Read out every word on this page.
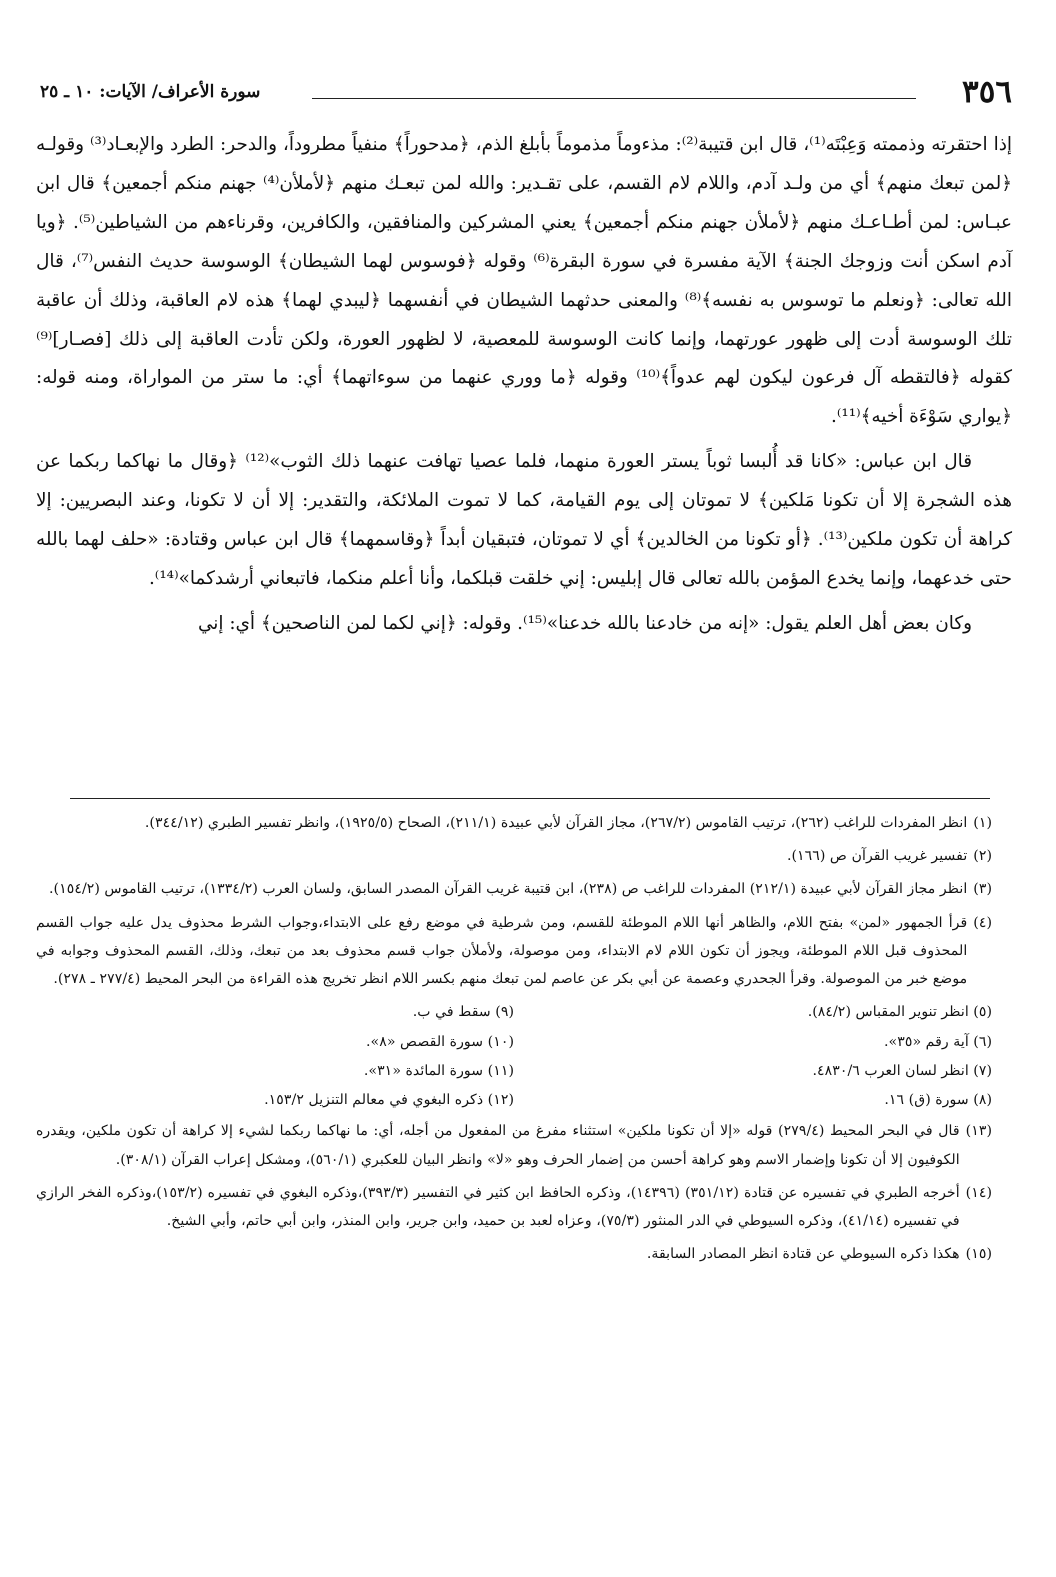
٣٥٦
سورة الأعراف/ الآيات: ١٠ ـ ٢٥

إذا احتقرته وذممته وَعِبْتَه⁽¹⁾، قال ابن قتيبة⁽²⁾: مذءوماً مذموماً بأبلغ الذم، ﴿مدحوراً﴾ منفياً مطروداً، والدحر: الطرد والإبعـاد⁽³⁾ وقولـه ﴿لمن تبعك منهم﴾ أي من ولـد آدم، واللام لام القسم، على تقـدير: والله لمن تبعـك منهم ﴿لأملأن⁽⁴⁾ جهنم منكم أجمعين﴾ قال ابن عبـاس: لمن أطـاعـك منهم ﴿لأملأن جهنم منكم أجمعين﴾ يعني المشركين والمنافقين، والكافرين، وقرناءهم من الشياطين⁽⁵⁾. ﴿ويا آدم اسكن أنت وزوجك الجنة﴾ الآية مفسرة في سورة البقرة⁽⁶⁾ وقوله ﴿فوسوس لهما الشيطان﴾ الوسوسة حديث النفس⁽⁷⁾، قال الله تعالى: ﴿ونعلم ما توسوس به نفسه﴾⁽⁸⁾ والمعنى حدثهما الشيطان في أنفسهما ﴿ليبدي لهما﴾ هذه لام العاقبة، وذلك أن عاقبة تلك الوسوسة أدت إلى ظهور عورتهما، وإنما كانت الوسوسة للمعصية، لا لظهور العورة، ولكن تأدت العاقبة إلى ذلك [فصـار]⁽⁹⁾ كقوله ﴿فالتقطه آل فرعون ليكون لهم عدواً﴾⁽¹⁰⁾ وقوله ﴿ما ووري عنهما من سوءاتهما﴾ أي: ما ستر من المواراة، ومنه قوله: ﴿يواري سَوْءَة أخيه﴾⁽¹¹⁾.

قال ابن عباس: «كانا قد أُلبسا ثوباً يستر العورة منهما، فلما عصيا تهافت عنهما ذلك الثوب»⁽¹²⁾ ﴿وقال ما نهاكما ربكما عن هذه الشجرة إلا أن تكونا مَلكين﴾ لا تموتان إلى يوم القيامة، كما لا تموت الملائكة، والتقدير: إلا أن لا تكونا، وعند البصريين: إلا كراهة أن تكون ملكين⁽¹³⁾. ﴿أو تكونا من الخالدين﴾ أي لا تموتان، فتبقيان أبداً ﴿وقاسمهما﴾ قال ابن عباس وقتادة: «حلف لهما بالله حتى خدعهما، وإنما يخدع المؤمن بالله تعالى قال إبليس: إني خلقت قبلكما، وأنا أعلم منكما، فاتبعاني أرشدكما»⁽¹⁴⁾.

وكان بعض أهل العلم يقول: «إنه من خادعنا بالله خدعنا»⁽¹⁵⁾. وقوله: ﴿إني لكما لمن الناصحين﴾ أي: إني

(١)
انظر المفردات للراغب (٢٦٢)، ترتيب القاموس (٢٦٧/٢)، مجاز القرآن لأبي عبيدة (٢١١/١)، الصحاح (١٩٢٥/٥)، وانظر تفسير الطبري (٣٤٤/١٢).
(٢)
تفسير غريب القرآن ص (١٦٦).
(٣)
انظر مجاز القرآن لأبي عبيدة (٢١٢/١) المفردات للراغب ص (٢٣٨)، ابن قتيبة غريب القرآن المصدر السابق، ولسان العرب (١٣٣٤/٢)، ترتيب القاموس (١٥٤/٢).
(٤)
قرأ الجمهور «لمن» بفتح اللام، والظاهر أنها اللام الموطئة للقسم، ومن شرطية في موضع رفع على الابتداء،وجواب الشرط محذوف يدل عليه جواب القسم المحذوف قبل اللام الموطئة، ويجوز أن تكون اللام لام الابتداء، ومن موصولة، ولأملأن جواب قسم محذوف بعد من تبعك، وذلك، القسم المحذوف وجوابه في موضع خبر من الموصولة. وقرأ الجحدري وعصمة عن أبي بكر عن عاصم لمن تبعك منهم بكسر اللام انظر تخريج هذه القراءة من البحر المحيط (٢٧٧/٤ ـ ٢٧٨).
(٥) انظر تنوير المقباس (٨٤/٢).
(٩) سقط في ب.
(٦) آية رقم «٣٥».
(١٠) سورة القصص «٨».
(٧) انظر لسان العرب ٤٨٣٠/٦.
(١١) سورة المائدة «٣١».
(٨) سورة (ق) ١٦.
(١٢) ذكره البغوي في معالم التنزيل ١٥٣/٢.
(١٣)
قال في البحر المحيط (٢٧٩/٤) قوله «إلا أن تكونا ملكين» استثناء مفرغ من المفعول من أجله، أي: ما نهاكما ربكما لشيء إلا كراهة أن تكون ملكين، ويقدره الكوفيون إلا أن تكونا وإضمار الاسم وهو كراهة أحسن من إضمار الحرف وهو «لا» وانظر البيان للعكبري (٥٦٠/١)، ومشكل إعراب القرآن (٣٠٨/١).
(١٤)
أخرجه الطبري في تفسيره عن قتادة (٣٥١/١٢) (١٤٣٩٦)، وذكره الحافظ ابن كثير في التفسير (٣٩٣/٣)،وذكره البغوي في تفسيره (١٥٣/٢)،وذكره الفخر الرازي في تفسيره (٤١/١٤)، وذكره السيوطي في الدر المنثور (٧٥/٣)، وعزاه لعبد بن حميد، وابن جرير، وابن المنذر، وابن أبي حاتم، وأبي الشيخ.
(١٥)
هكذا ذكره السيوطي عن قتادة انظر المصادر السابقة.
